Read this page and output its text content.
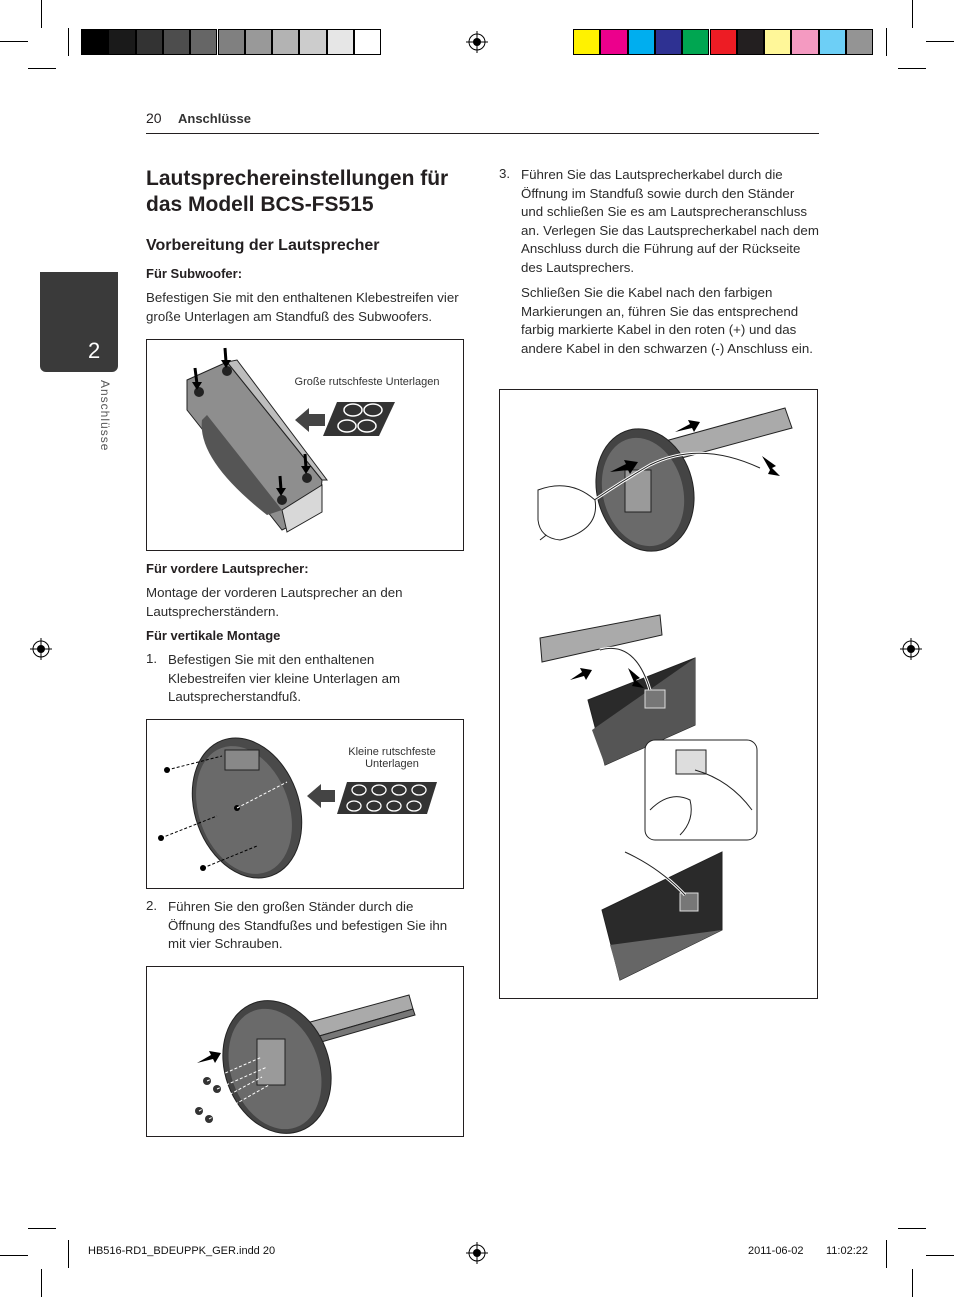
20 Anschlüsse
2
Anschlüsse
Lautsprechereinstellungen für das Modell BCS-FS515
Vorbereitung der Lautsprecher
Für Subwoofer:
Befestigen Sie mit den enthaltenen Klebestreifen vier große Unterlagen am Standfuß des Subwoofers.
Große rutschfeste Unterlagen
Für vordere Lautsprecher:
Montage der vorderen Lautsprecher an den Lautsprecherständern.
Für vertikale Montage
1. Befestigen Sie mit den enthaltenen Klebestreifen vier kleine Unterlagen am Lautsprecherstandfuß.
Kleine rutschfeste Unterlagen
2. Führen Sie den großen Ständer durch die Öffnung des Standfußes und befestigen Sie ihn mit vier Schrauben.
3. Führen Sie das Lautsprecherkabel durch die Öffnung im Standfuß sowie durch den Ständer und schließen Sie es am Lautsprecheranschluss an. Verlegen Sie das Lautsprecherkabel nach dem Anschluss durch die Führung auf der Rückseite des Lautsprechers.
Schließen Sie die Kabel nach den farbigen Markierungen an, führen Sie das entsprechend farbig markierte Kabel in den roten (+) und das andere Kabel in den schwarzen (-) Anschluss ein.
HB516-RD1_BDEUPPK_GER.indd 20	2011-06-02 11:02:22
